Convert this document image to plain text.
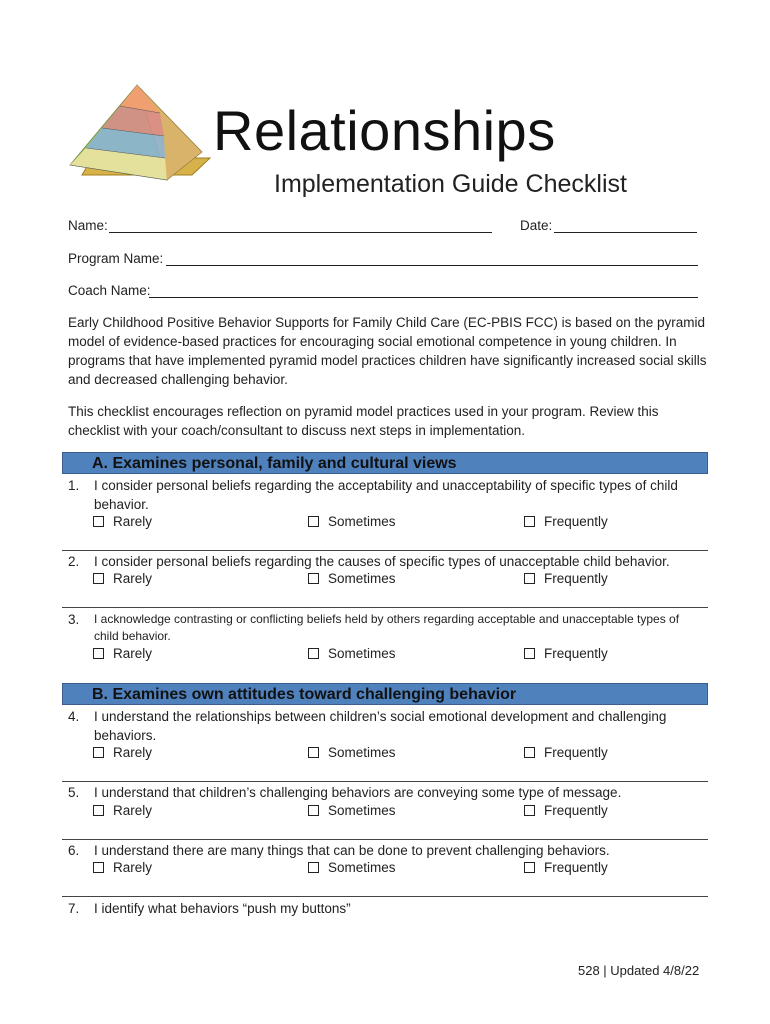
Relationships
Implementation Guide Checklist
Name:	Date:
Program Name:
Coach Name:

Early Childhood Positive Behavior Supports for Family Child Care (EC-PBIS FCC) is based on the pyramid model of evidence-based practices for encouraging social emotional competence in young children. In programs that have implemented pyramid model practices children have significantly increased social skills and decreased challenging behavior.

This checklist encourages reflection on pyramid model practices used in your program. Review this checklist with your coach/consultant to discuss next steps in implementation.

A. Examines personal, family and cultural views
1. I consider personal beliefs regarding the acceptability and unacceptability of specific types of child behavior.
Rarely	Sometimes	Frequently
2. I consider personal beliefs regarding the causes of specific types of unacceptable child behavior.
Rarely	Sometimes	Frequently
3. I acknowledge contrasting or conflicting beliefs held by others regarding acceptable and unacceptable types of child behavior.
Rarely	Sometimes	Frequently
B. Examines own attitudes toward challenging behavior
4. I understand the relationships between children’s social emotional development and challenging behaviors.
Rarely	Sometimes	Frequently
5. I understand that children’s challenging behaviors are conveying some type of message.
Rarely	Sometimes	Frequently
6. I understand there are many things that can be done to prevent challenging behaviors.
Rarely	Sometimes	Frequently
7. I identify what behaviors “push my buttons”
528 | Updated 4/8/22
